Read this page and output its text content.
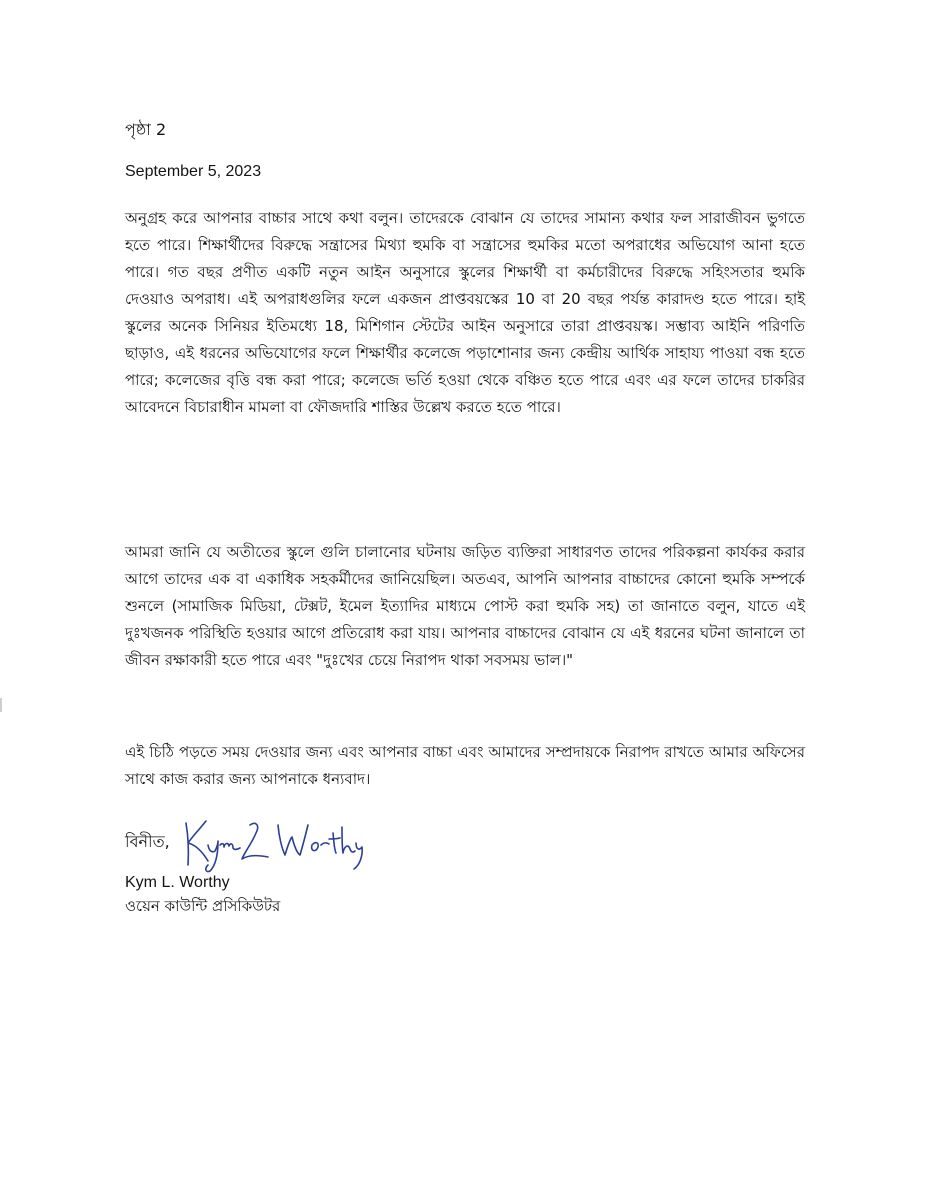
পৃষ্ঠা 2
September 5, 2023

অনুগ্রহ করে আপনার বাচ্চার সাথে কথা বলুন। তাদেরকে বোঝান যে তাদের সামান্য কথার ফল সারাজীবন ভুগতে হতে পারে। শিক্ষার্থীদের বিরুদ্ধে সন্ত্রাসের মিথ্যা হুমকি বা সন্ত্রাসের হুমকির মতো অপরাধের অভিযোগ আনা হতে পারে। গত বছর প্রণীত একটি নতুন আইন অনুসারে স্কুলের শিক্ষার্থী বা কর্মচারীদের বিরুদ্ধে সহিংসতার হুমকি দেওয়াও অপরাধ। এই অপরাধগুলির ফলে একজন প্রাপ্তবয়স্কের 10 বা 20 বছর পর্যন্ত কারাদণ্ড হতে পারে। হাই স্কুলের অনেক সিনিয়র ইতিমধ্যে 18, মিশিগান স্টেটের আইন অনুসারে তারা প্রাপ্তবয়স্ক। সম্ভাব্য আইনি পরিণতি ছাড়াও, এই ধরনের অভিযোগের ফলে শিক্ষার্থীর কলেজে পড়াশোনার জন্য কেন্দ্রীয় আর্থিক সাহায্য পাওয়া বন্ধ হতে পারে; কলেজের বৃত্তি বন্ধ করা পারে; কলেজে ভর্তি হওয়া থেকে বঞ্চিত হতে পারে এবং এর ফলে তাদের চাকরির আবেদনে বিচারাধীন মামলা বা ফৌজদারি শাস্তির উল্লেখ করতে হতে পারে।

আমরা জানি যে অতীতের স্কুলে গুলি চালানোর ঘটনায় জড়িত ব্যক্তিরা সাধারণত তাদের পরিকল্পনা কার্যকর করার আগে তাদের এক বা একাধিক সহকর্মীদের জানিয়েছিল। অতএব, আপনি আপনার বাচ্চাদের কোনো হুমকি সম্পর্কে শুনলে (সামাজিক মিডিয়া, টেক্সট, ইমেল ইত্যাদির মাধ্যমে পোস্ট করা হুমকি সহ) তা জানাতে বলুন, যাতে এই দুঃখজনক পরিস্থিতি হওয়ার আগে প্রতিরোধ করা যায়। আপনার বাচ্চাদের বোঝান যে এই ধরনের ঘটনা জানালে তা জীবন রক্ষাকারী হতে পারে এবং "দুঃখের চেয়ে নিরাপদ থাকা সবসময় ভাল।"

এই চিঠি পড়তে সময় দেওয়ার জন্য এবং আপনার বাচ্চা এবং আমাদের সম্প্রদায়কে নিরাপদ রাখতে আমার অফিসের সাথে কাজ করার জন্য আপনাকে ধন্যবাদ।

বিনীত,
Kym L. Worthy
ওয়েন কাউন্টি প্রসিকিউটর
